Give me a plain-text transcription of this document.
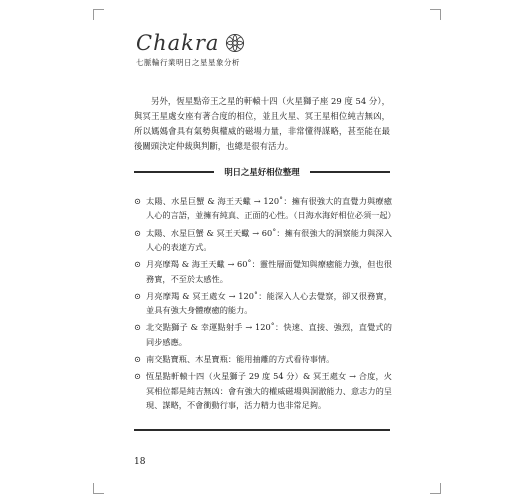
Chakra
七脈輪行業明日之星星象分析

另外，恆星點帝王之星的軒轅十四（火星獅子座 29 度 54 分），與冥王星處女座有著合度的相位，並且火星、冥王星相位純吉無凶，所以媽媽會具有氣勢與權威的磁場力量，非常懂得謀略，甚至能在最後關頭決定仲裁與判斷，也總是很有活力。

明日之星好相位整理
⊙ 太陽、水星巨蟹 & 海王天蠍 → 120˚：擁有很強大的直覺力與療癒人心的言語，並擁有純真、正面的心性。（日海水海好相位必須一起）
⊙ 太陽、水星巨蟹 & 冥王天蠍 → 60˚：擁有很強大的洞察能力與深入人心的表達方式。
⊙ 月亮摩羯 & 海王天蠍 → 60˚：靈性層面覺知與療癒能力強，但也很務實，不至於太感性。
⊙ 月亮摩羯 & 冥王處女 → 120˚：能深入人心去覺察，卻又很務實，並具有強大身體療癒的能力。
⊙ 北交點獅子 & 幸運點射手 → 120˚：快速、直接、強烈，直覺式的同步感應。
⊙ 南交點寶瓶、木星寶瓶：能用抽離的方式看待事情。
⊙ 恆星點軒轅十四（火星獅子 29 度 54 分）& 冥王處女 → 合度，火冥相位都是純吉無凶：會有強大的權威磁場與洞澈能力、意志力的呈現、謀略，不會衝動行事，活力精力也非常足夠。
18
